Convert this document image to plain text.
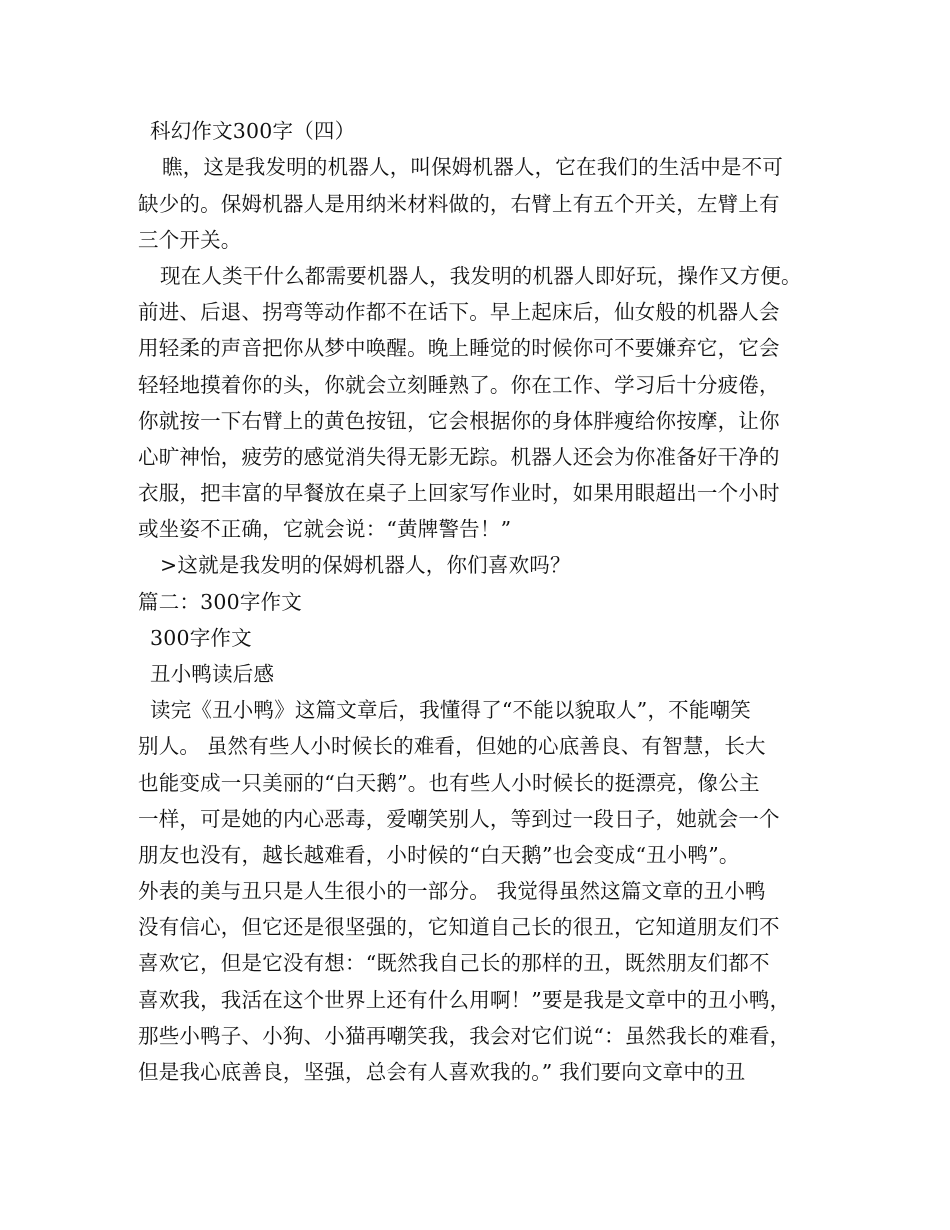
科幻作文300字（四）
瞧，这是我发明的机器人，叫保姆机器人，它在我们的生活中是不可
缺少的。保姆机器人是用纳米材料做的，右臂上有五个开关，左臂上有
三个开关。
现在人类干什么都需要机器人，我发明的机器人即好玩，操作又方便。
前进、后退、拐弯等动作都不在话下。早上起床后，仙女般的机器人会
用轻柔的声音把你从梦中唤醒。晚上睡觉的时候你可不要嫌弃它，它会
轻轻地摸着你的头，你就会立刻睡熟了。你在工作、学习后十分疲倦，
你就按一下右臂上的黄色按钮，它会根据你的身体胖瘦给你按摩，让你
心旷神怡，疲劳的感觉消失得无影无踪。机器人还会为你准备好干净的
衣服，把丰富的早餐放在桌子上回家写作业时，如果用眼超出一个小时
或坐姿不正确，它就会说：“黄牌警告！”
>这就是我发明的保姆机器人，你们喜欢吗？
篇二：300字作文
300字作文
丑小鸭读后感
读完《丑小鸭》这篇文章后，我懂得了“不能以貌取人”，不能嘲笑
别人。 虽然有些人小时候长的难看，但她的心底善良、有智慧，长大
也能变成一只美丽的“白天鹅”。也有些人小时候长的挺漂亮，像公主
一样，可是她的内心恶毒，爱嘲笑别人，等到过一段日子，她就会一个
朋友也没有，越长越难看，小时候的“白天鹅”也会变成“丑小鸭”。
外表的美与丑只是人生很小的一部分。 我觉得虽然这篇文章的丑小鸭
没有信心，但它还是很坚强的，它知道自己长的很丑，它知道朋友们不
喜欢它，但是它没有想：“既然我自己长的那样的丑，既然朋友们都不
喜欢我，我活在这个世界上还有什么用啊！”要是我是文章中的丑小鸭，
那些小鸭子、小狗、小猫再嘲笑我，我会对它们说“：虽然我长的难看，
但是我心底善良，坚强，总会有人喜欢我的。” 我们要向文章中的丑
